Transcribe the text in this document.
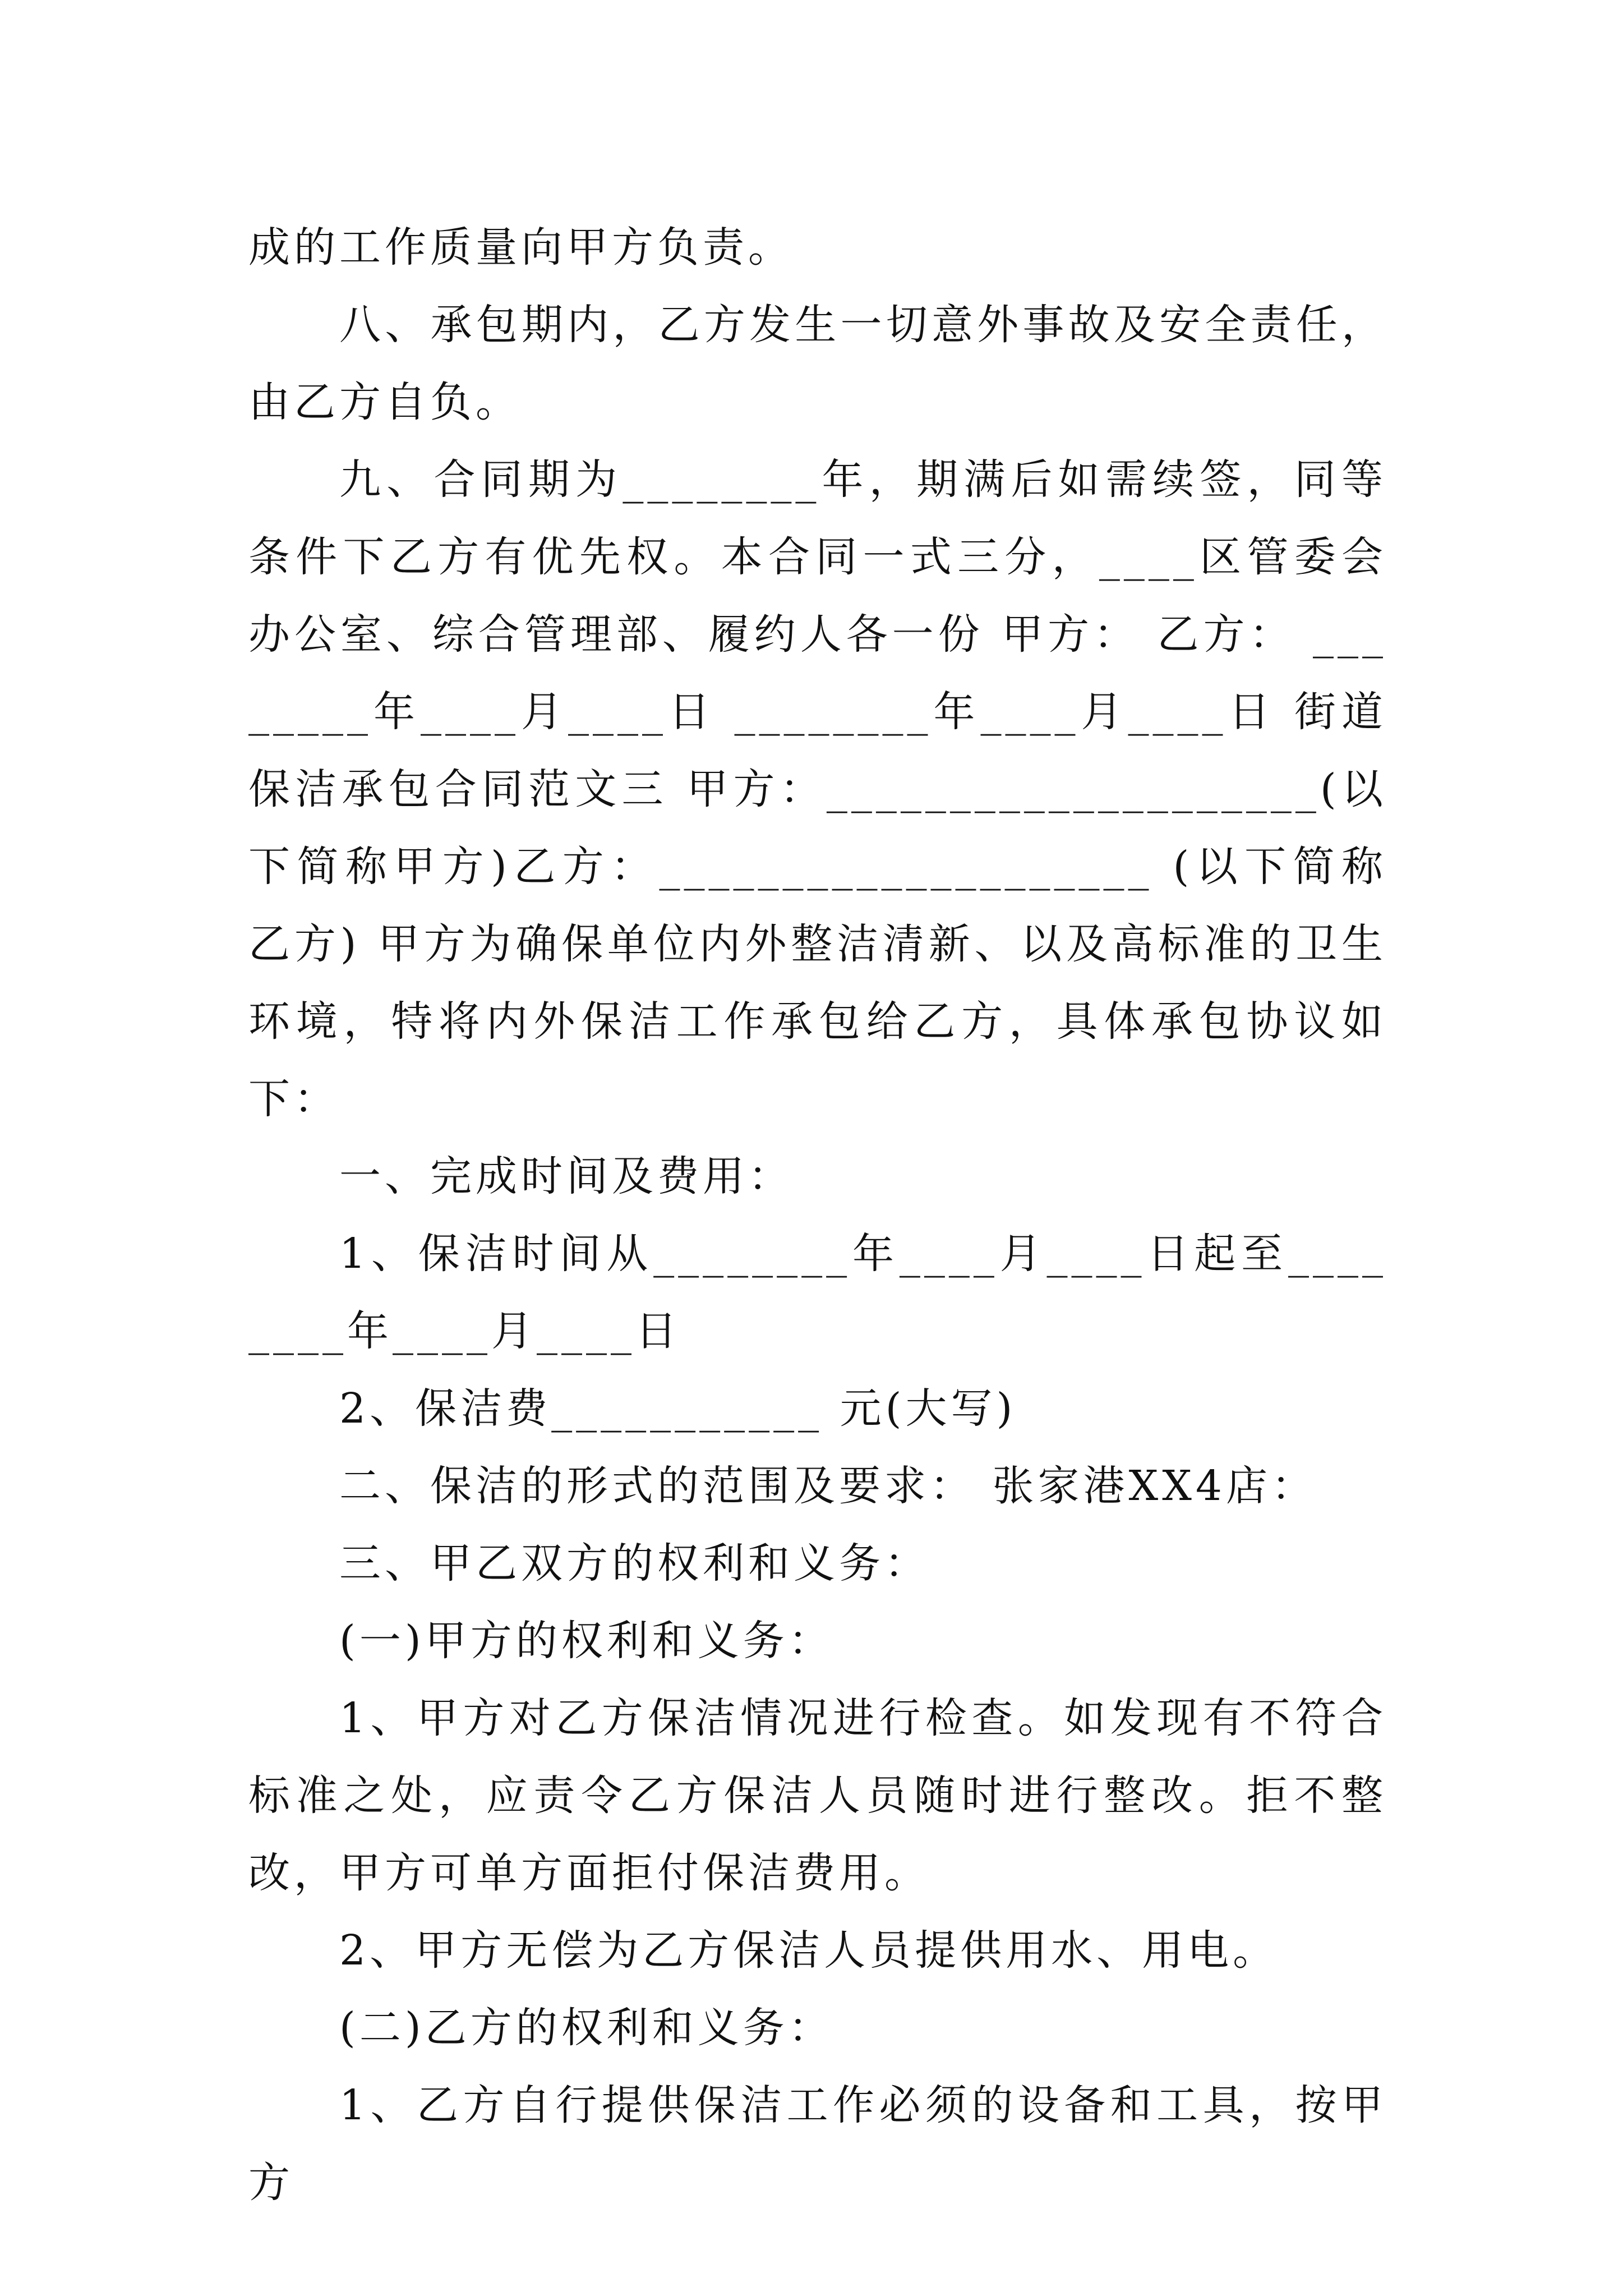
成的工作质量向甲方负责。

八、承包期内，乙方发生一切意外事故及安全责任，由乙方自负。

九、合同期为________年，期满后如需续签，同等条件下乙方有优先权。本合同一式三分，____区管委会办公室、综合管理部、履约人各一份 甲方： 乙方： ________年____月____日 ________年____月____日 街道保洁承包合同范文三 甲方：____________________(以下简称甲方)乙方：____________________ (以下简称乙方) 甲方为确保单位内外整洁清新、以及高标准的卫生环境，特将内外保洁工作承包给乙方，具体承包协议如下：

一、完成时间及费用：

1、保洁时间从________年____月____日起至________年____月____日

2、保洁费___________ 元(大写)

二、保洁的形式的范围及要求： 张家港XX4店：

三、甲乙双方的权利和义务：

(一)甲方的权利和义务：

1、甲方对乙方保洁情况进行检查。如发现有不符合标准之处，应责令乙方保洁人员随时进行整改。拒不整改，甲方可单方面拒付保洁费用。

2、甲方无偿为乙方保洁人员提供用水、用电。

(二)乙方的权利和义务：

1、乙方自行提供保洁工作必须的设备和工具，按甲方
